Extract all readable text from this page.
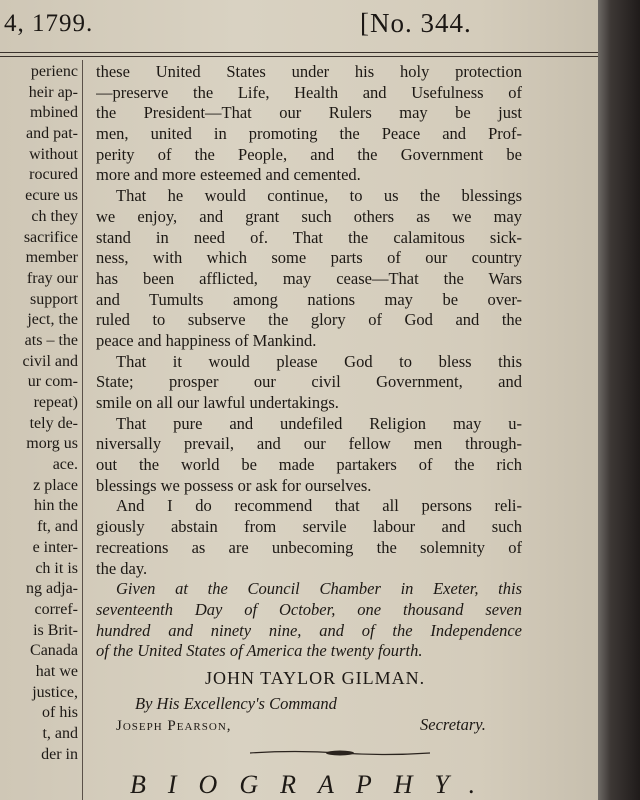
4, 1799.	[No. 344.
perienc
heir ap-
mbined
and pat-
without
rocured
ecure us
ch they
sacrifice
member
fray our
support
ject, the
ats – the
civil and
ur com-
repeat)
tely de-
morg us
ace.
z place
hin the
ft, and
e inter-
ch it is
ng adja-
corref-
is Brit-
Canada
hat we
justice,
of his
t, and
der in
these United States under his holy protection
—preserve the Life, Health and Usefulness of
the President—That our Rulers may be just
men, united in promoting the Peace and Prof-
perity of the People, and the Government be
more and more esteemed and cemented.
That he would continue, to us the blessings
we enjoy, and grant such others as we may
stand in need of. That the calamitous sick-
ness, with which some parts of our country
has been afflicted, may cease—That the Wars
and Tumults among nations may be over-
ruled to subserve the glory of God and the
peace and happiness of Mankind.
That it would please God to bless this
State; prosper our civil Government, and
smile on all our lawful undertakings.
That pure and undefiled Religion may u-
niversally prevail, and our fellow men through-
out the world be made partakers of the rich
blessings we possess or ask for ourselves.
And I do recommend that all persons reli-
giously abstain from servile labour and such
recreations as are unbecoming the solemnity of
the day.
Given at the Council Chamber in Exeter, this
seventeenth Day of October, one thousand seven
hundred and ninety nine, and of the Independence
of the United States of America the twenty fourth.
JOHN TAYLOR GILMAN.
By His Excellency's Command
Joseph Pearson,	Secretary.
BIOGRAPHY.
